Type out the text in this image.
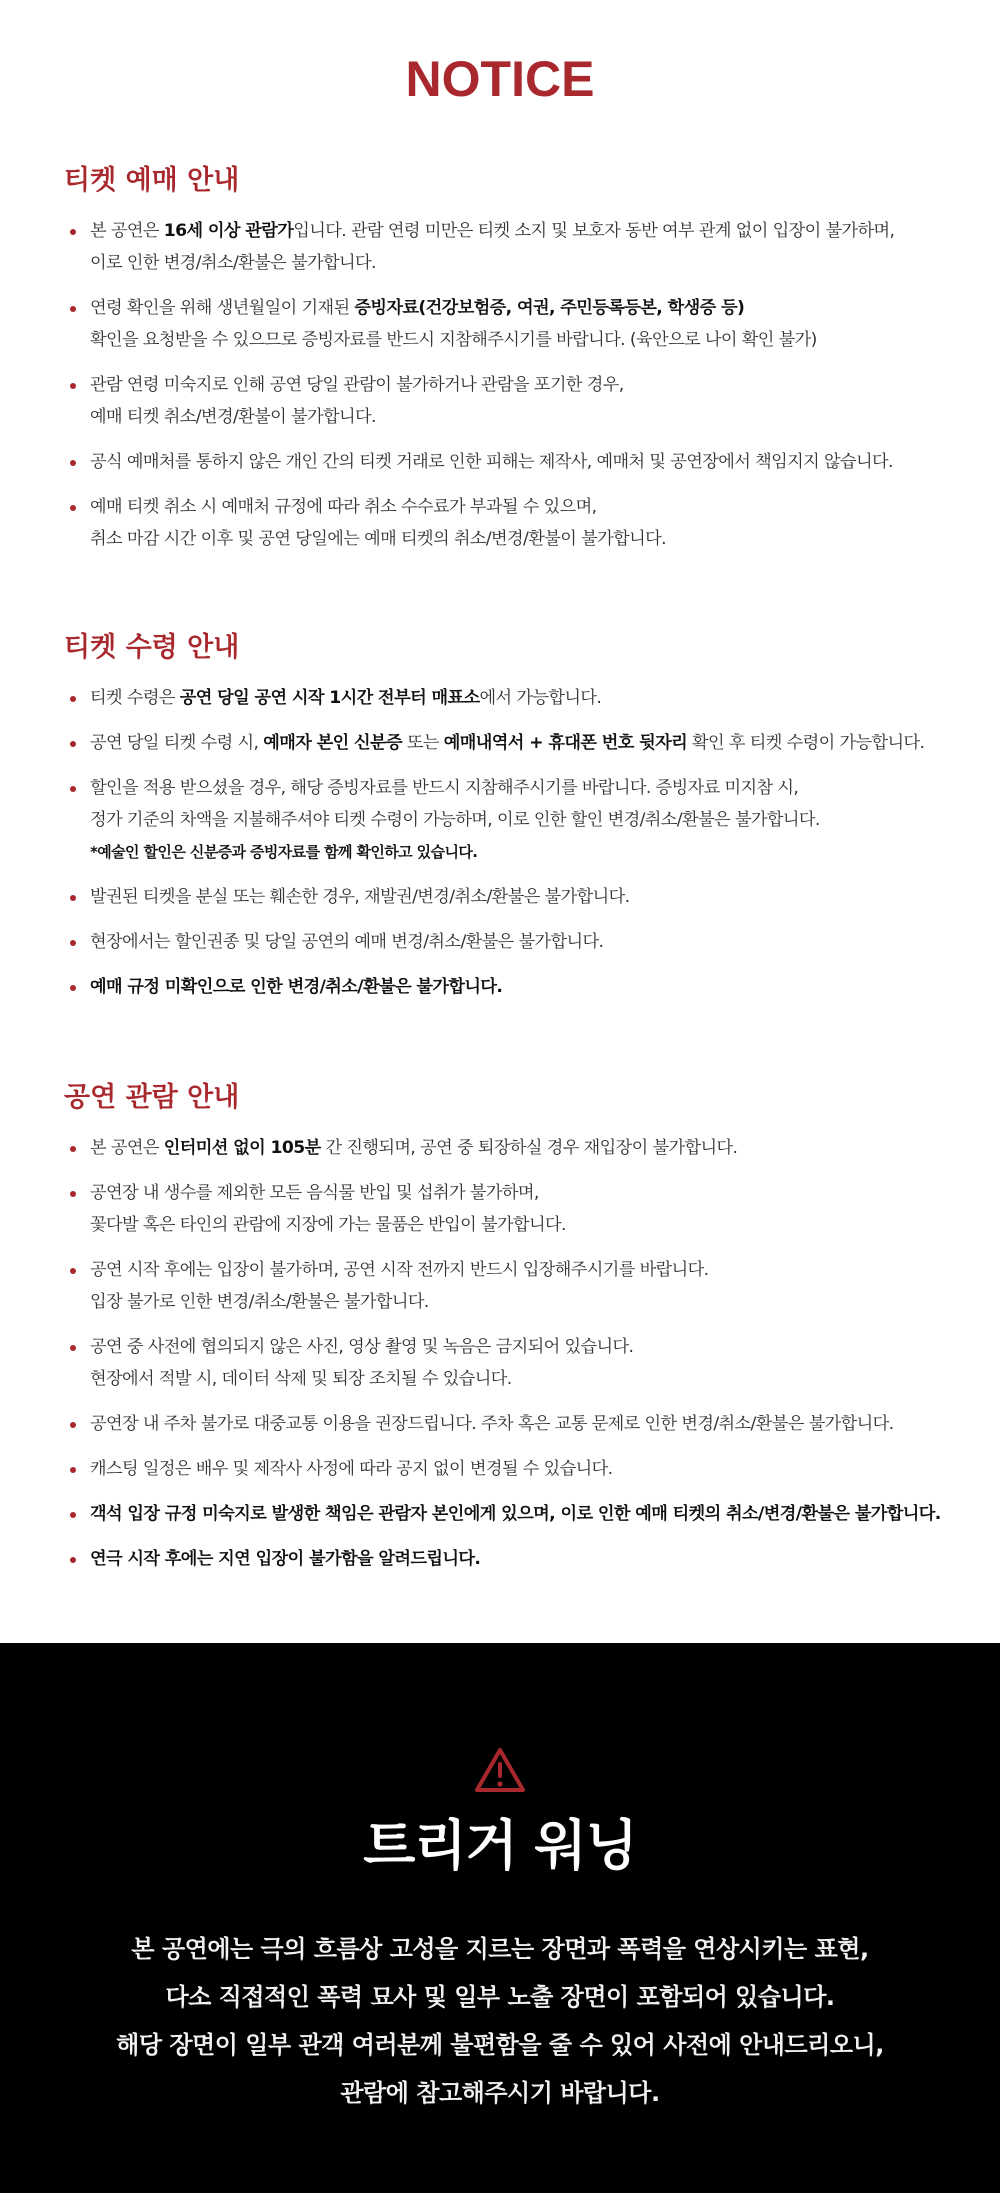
NOTICE
티켓 예매 안내
본 공연은 16세 이상 관람가입니다. 관람 연령 미만은 티켓 소지 및 보호자 동반 여부 관계 없이 입장이 불가하며,
이로 인한 변경/취소/환불은 불가합니다.
연령 확인을 위해 생년월일이 기재된 증빙자료(건강보험증, 여권, 주민등록등본, 학생증 등)
확인을 요청받을 수 있으므로 증빙자료를 반드시 지참해주시기를 바랍니다. (육안으로 나이 확인 불가)
관람 연령 미숙지로 인해 공연 당일 관람이 불가하거나 관람을 포기한 경우,
예매 티켓 취소/변경/환불이 불가합니다.
공식 예매처를 통하지 않은 개인 간의 티켓 거래로 인한 피해는 제작사, 예매처 및 공연장에서 책임지지 않습니다.
예매 티켓 취소 시 예매처 규정에 따라 취소 수수료가 부과될 수 있으며,
취소 마감 시간 이후 및 공연 당일에는 예매 티켓의 취소/변경/환불이 불가합니다.
티켓 수령 안내
티켓 수령은 공연 당일 공연 시작 1시간 전부터 매표소에서 가능합니다.
공연 당일 티켓 수령 시, 예매자 본인 신분증 또는 예매내역서 + 휴대폰 번호 뒷자리 확인 후 티켓 수령이 가능합니다.
할인을 적용 받으셨을 경우, 해당 증빙자료를 반드시 지참해주시기를 바랍니다. 증빙자료 미지참 시,
정가 기준의 차액을 지불해주셔야 티켓 수령이 가능하며, 이로 인한 할인 변경/취소/환불은 불가합니다.
*예술인 할인은 신분증과 증빙자료를 함께 확인하고 있습니다.
발권된 티켓을 분실 또는 훼손한 경우, 재발권/변경/취소/환불은 불가합니다.
현장에서는 할인권종 및 당일 공연의 예매 변경/취소/환불은 불가합니다.
예매 규정 미확인으로 인한 변경/취소/환불은 불가합니다.
공연 관람 안내
본 공연은 인터미션 없이 105분 간 진행되며, 공연 중 퇴장하실 경우 재입장이 불가합니다.
공연장 내 생수를 제외한 모든 음식물 반입 및 섭취가 불가하며,
꽃다발 혹은 타인의 관람에 지장에 가는 물품은 반입이 불가합니다.
공연 시작 후에는 입장이 불가하며, 공연 시작 전까지 반드시 입장해주시기를 바랍니다.
입장 불가로 인한 변경/취소/환불은 불가합니다.
공연 중 사전에 협의되지 않은 사진, 영상 촬영 및 녹음은 금지되어 있습니다.
현장에서 적발 시, 데이터 삭제 및 퇴장 조치될 수 있습니다.
공연장 내 주차 불가로 대중교통 이용을 권장드립니다. 주차 혹은 교통 문제로 인한 변경/취소/환불은 불가합니다.
캐스팅 일정은 배우 및 제작사 사정에 따라 공지 없이 변경될 수 있습니다.
객석 입장 규정 미숙지로 발생한 책임은 관람자 본인에게 있으며, 이로 인한 예매 티켓의 취소/변경/환불은 불가합니다.
연극 시작 후에는 지연 입장이 불가함을 알려드립니다.
트리거 워닝

본 공연에는 극의 흐름상 고성을 지르는 장면과 폭력을 연상시키는 표현,

다소 직접적인 폭력 묘사 및 일부 노출 장면이 포함되어 있습니다.

해당 장면이 일부 관객 여러분께 불편함을 줄 수 있어 사전에 안내드리오니,

관람에 참고해주시기 바랍니다.
